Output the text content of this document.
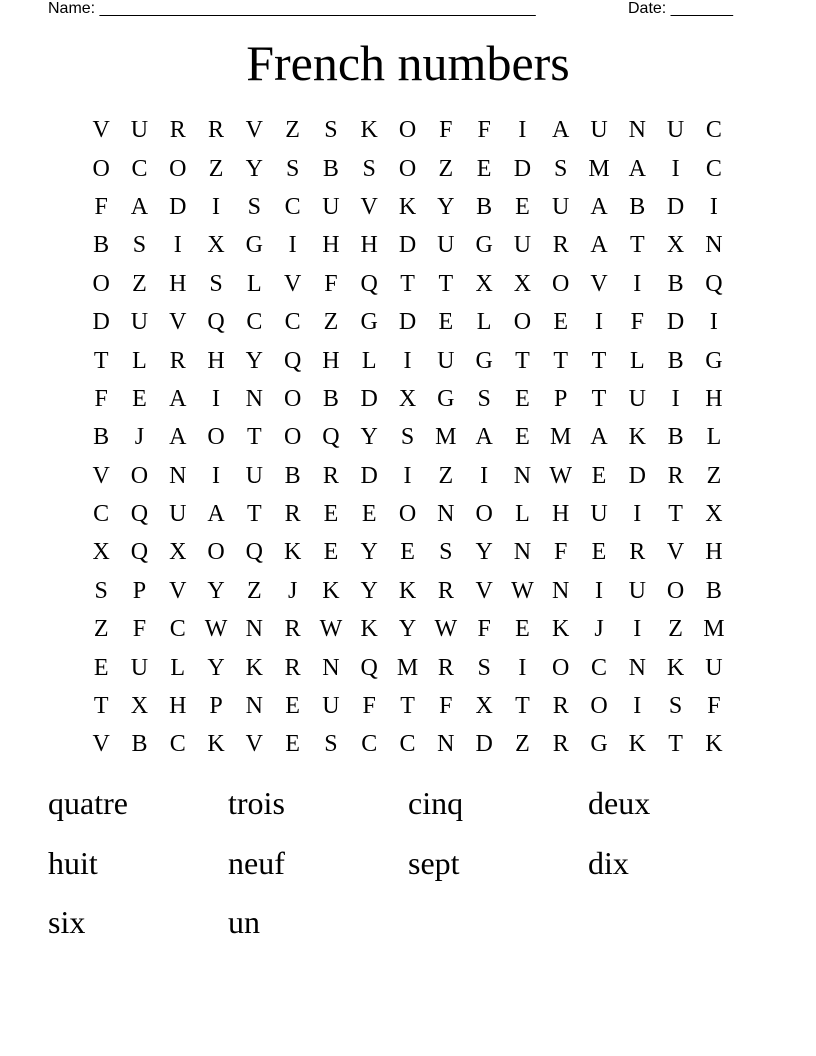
Name: _________________________________________________	Date: _______
French numbers
V U R R V Z	S K O F	F	I	A U N U C
O C O Z Y S B S O Z E D S M A	I	C
F A D	I	S C U V K Y B E U A B D	I
B S	I	X G	I	H H D U G U R A T X N
O Z H S	L V F Q T T X X O V	I	B Q
D U V Q C C Z G D E L O E	I	F D	I
T L R H Y Q H L	I	U G T T T L B G
F	E A	I	N O B D X G S	E	P	T U	I	H
B	J	A O T O Q Y S M A E M A K B L
V O N	I	U B R D	I	Z	I	N W E D R Z
C Q U A T R E E O N O L H U	I	T X
X Q X O Q K E Y E	S Y N F	E R V H
S	P V Y Z	J	K Y K R V W N	I	U O B
Z	F C W N R W K Y W F	E K	J	I	Z M
E U L Y K R N Q M R S	I	O C N K U
T X H P N E U F	T	F X T R O	I	S	F
V B C K V E	S C C N D Z R G K T K
quatre	trois	cinq	deux
huit	neuf	sept	dix
six	un
